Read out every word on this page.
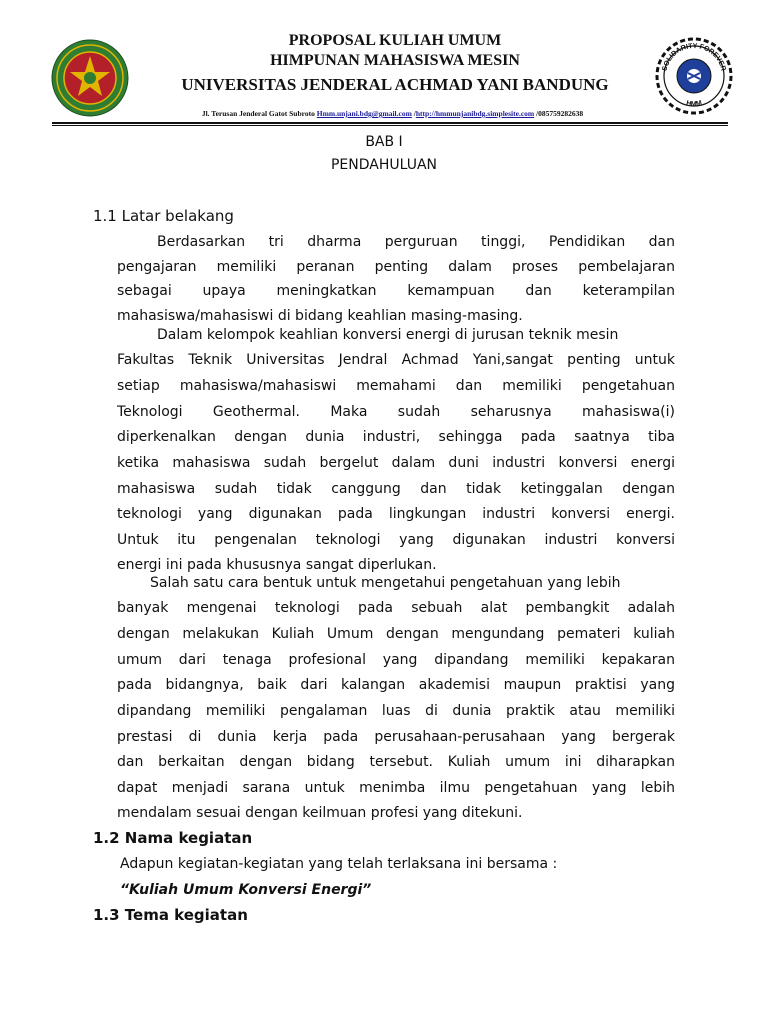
PROPOSAL KULIAH UMUM
HIMPUNAN MAHASISWA MESIN
UNIVERSITAS JENDERAL ACHMAD YANI BANDUNG
SOLIDARITY FOREVER
HMM
Jl. Terusan Jenderal Gatot Subroto Hmm.unjani.bdg@gmail.com /http://hmmunjanibdg.simplesite.com /085759282638
BAB I
PENDAHULUAN
1.1 Latar belakang
Berdasarkan tri dharma perguruan tinggi, Pendidikan dan
pengajaran memiliki peranan penting dalam proses pembelajaran
sebagai upaya meningkatkan kemampuan dan keterampilan
mahasiswa/mahasiswi di bidang keahlian masing-masing.
Dalam kelompok keahlian konversi energi di jurusan teknik mesin
Fakultas Teknik Universitas Jendral Achmad Yani,sangat penting untuk
setiap mahasiswa/mahasiswi memahami dan memiliki pengetahuan
Teknologi Geothermal. Maka sudah seharusnya mahasiswa(i)
diperkenalkan dengan dunia industri, sehingga pada saatnya tiba
ketika mahasiswa sudah bergelut dalam duni industri konversi energi
mahasiswa sudah tidak canggung dan tidak ketinggalan dengan
teknologi yang digunakan pada lingkungan industri konversi energi.
Untuk itu pengenalan teknologi yang digunakan industri konversi
energi ini pada khususnya sangat diperlukan.
Salah satu cara bentuk untuk mengetahui pengetahuan yang lebih
banyak mengenai teknologi pada sebuah alat pembangkit adalah
dengan melakukan Kuliah Umum dengan mengundang pemateri kuliah
umum dari tenaga profesional yang dipandang memiliki kepakaran
pada bidangnya, baik dari kalangan akademisi maupun praktisi yang
dipandang memiliki pengalaman luas di dunia praktik atau memiliki
prestasi di dunia kerja pada perusahaan-perusahaan yang bergerak
dan berkaitan dengan bidang tersebut. Kuliah umum ini diharapkan
dapat menjadi sarana untuk menimba ilmu pengetahuan yang lebih
mendalam sesuai dengan keilmuan profesi yang ditekuni.
1.2 Nama kegiatan
Adapun kegiatan-kegiatan yang telah terlaksana ini bersama :
“Kuliah Umum Konversi Energi”
1.3 Tema kegiatan
